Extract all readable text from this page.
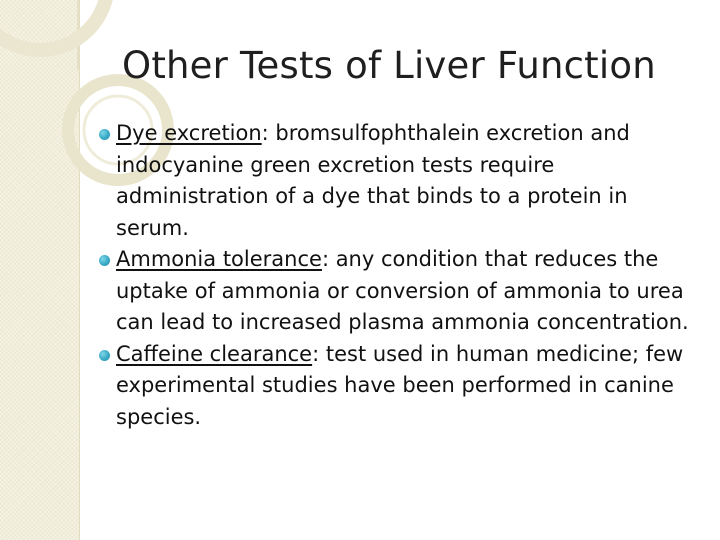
Other Tests of Liver Function
Dye excretion: bromsulfophthalein excretion and indocyanine green excretion tests require administration of a dye that binds to a protein in serum.
Ammonia tolerance: any condition that reduces the uptake of ammonia or conversion of ammonia to urea can lead to increased plasma ammonia concentration.
Caffeine clearance: test used in human medicine; few experimental studies have been performed in canine species.
